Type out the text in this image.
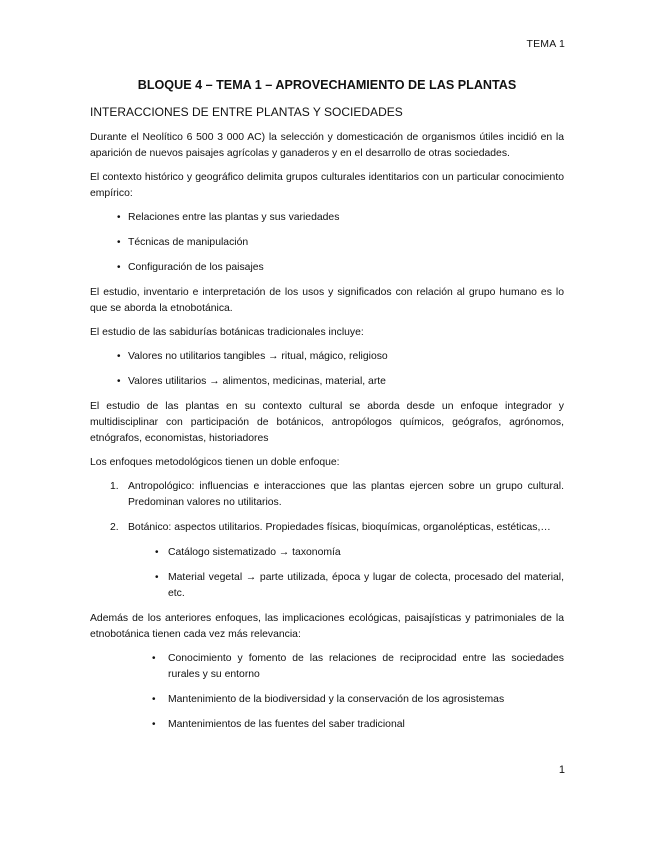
TEMA 1
BLOQUE 4 – TEMA 1 – APROVECHAMIENTO DE LAS PLANTAS
INTERACCIONES DE ENTRE PLANTAS Y SOCIEDADES

Durante el Neolítico 6 500 3 000 AC) la selección y domesticación de organismos útiles incidió en la aparición de nuevos paisajes agrícolas y ganaderos y en el desarrollo de otras sociedades.

El contexto histórico y geográfico delimita grupos culturales identitarios con un particular conocimiento empírico:

• Relaciones entre las plantas y sus variedades
• Técnicas de manipulación
• Configuración de los paisajes

El estudio, inventario e interpretación de los usos y significados con relación al grupo humano es lo que se aborda la etnobotánica.

El estudio de las sabidurías botánicas tradicionales incluye:

• Valores no utilitarios tangibles → ritual, mágico, religioso
• Valores utilitarios → alimentos, medicinas, material, arte

El estudio de las plantas en su contexto cultural se aborda desde un enfoque integrador y multidisciplinar con participación de botánicos, antropólogos químicos, geógrafos, agrónomos, etnógrafos, economistas, historiadores

Los enfoques metodológicos tienen un doble enfoque:

1. Antropológico: influencias e interacciones que las plantas ejercen sobre un grupo cultural. Predominan valores no utilitarios.
2. Botánico: aspectos utilitarios. Propiedades físicas, bioquímicas, organolépticas, estéticas,…
• Catálogo sistematizado → taxonomía
• Material vegetal → parte utilizada, época y lugar de colecta, procesado del material, etc.

Además de los anteriores enfoques, las implicaciones ecológicas, paisajísticas y patrimoniales de la etnobotánica tienen cada vez más relevancia:

• Conocimiento y fomento de las relaciones de reciprocidad entre las sociedades rurales y su entorno
• Mantenimiento de la biodiversidad y la conservación de los agrosistemas
• Mantenimientos de las fuentes del saber tradicional
1
